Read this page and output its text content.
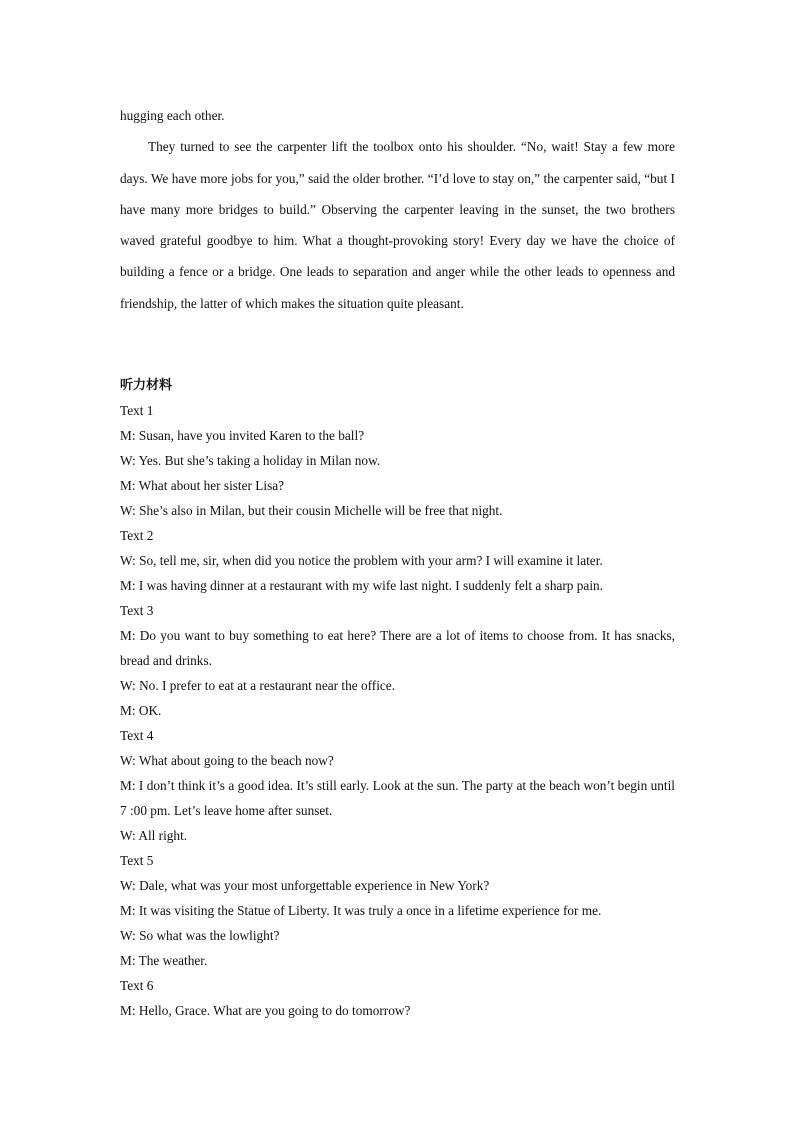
hugging each other.

They turned to see the carpenter lift the toolbox onto his shoulder. “No, wait! Stay a few more days. We have more jobs for you,” said the older brother. “I’d love to stay on,” the carpenter said, “but I have many more bridges to build.” Observing the carpenter leaving in the sunset, the two brothers waved grateful goodbye to him. What a thought-provoking story! Every day we have the choice of building a fence or a bridge. One leads to separation and anger while the other leads to openness and friendship, the latter of which makes the situation quite pleasant.

听力材料

Text 1

M: Susan, have you invited Karen to the ball?

W: Yes. But she’s taking a holiday in Milan now.

M: What about her sister Lisa?

W: She’s also in Milan, but their cousin Michelle will be free that night.

Text 2

W: So, tell me, sir, when did you notice the problem with your arm? I will examine it later.

M: I was having dinner at a restaurant with my wife last night. I suddenly felt a sharp pain.

Text 3

M: Do you want to buy something to eat here? There are a lot of items to choose from. It has snacks, bread and drinks.

W: No. I prefer to eat at a restaurant near the office.

M: OK.

Text 4

W: What about going to the beach now?

M: I don’t think it’s a good idea. It’s still early. Look at the sun. The party at the beach won’t begin until 7 :00 pm. Let’s leave home after sunset.

W: All right.

Text 5

W: Dale, what was your most unforgettable experience in New York?

M: It was visiting the Statue of Liberty. It was truly a once in a lifetime experience for me.

W: So what was the lowlight?

M: The weather.

Text 6

M: Hello, Grace. What are you going to do tomorrow?
